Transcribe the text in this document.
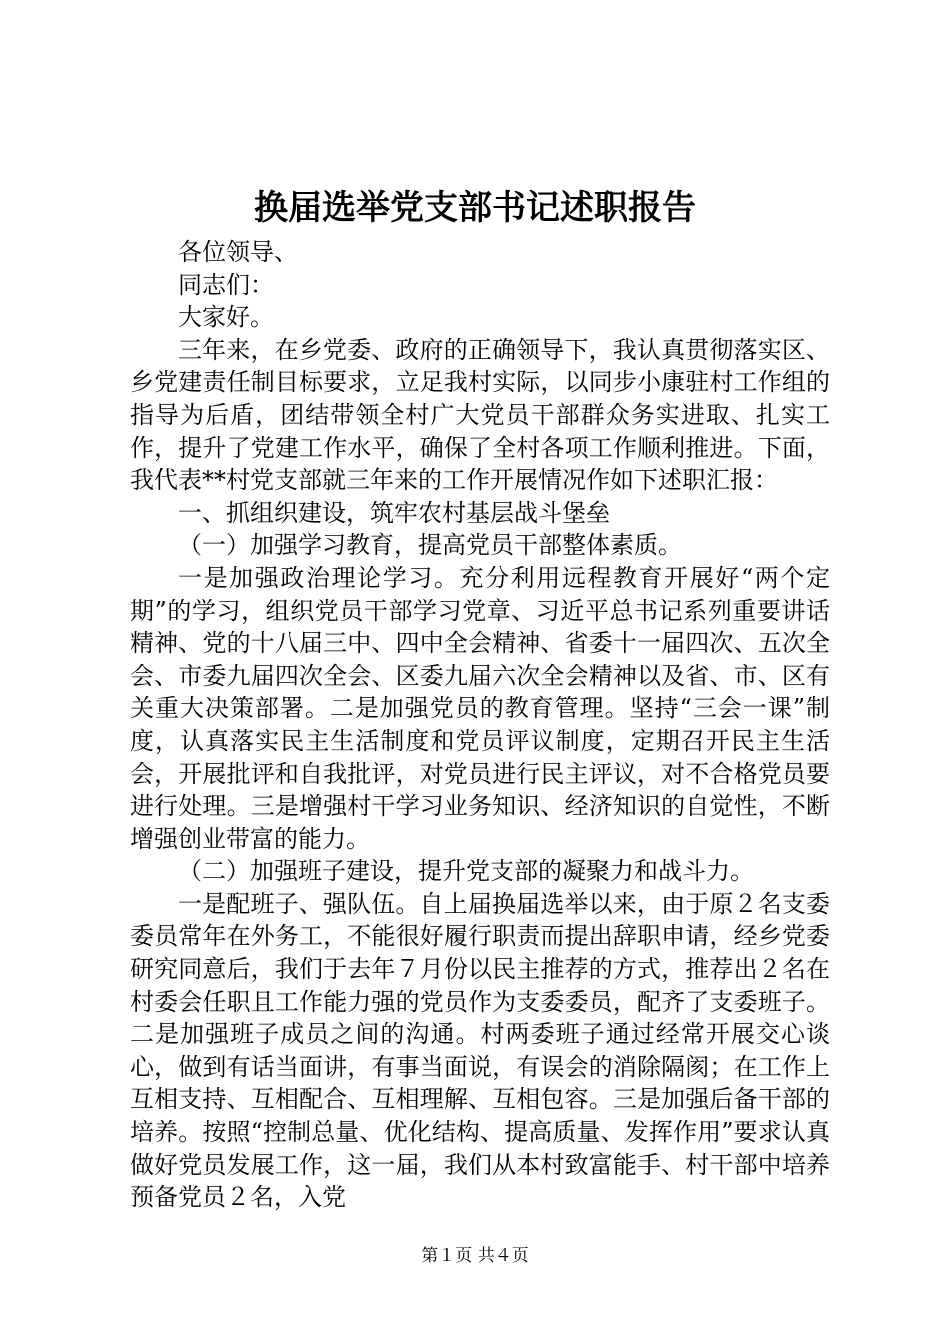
换届选举党支部书记述职报告

各位领导、

同志们：

大家好。

三年来，在乡党委、政府的正确领导下，我认真贯彻落实区、乡党建责任制目标要求，立足我村实际，以同步小康驻村工作组的指导为后盾，团结带领全村广大党员干部群众务实进取、扎实工作，提升了党建工作水平，确保了全村各项工作顺利推进。下面，我代表**村党支部就三年来的工作开展情况作如下述职汇报：

一、抓组织建设，筑牢农村基层战斗堡垒

（一）加强学习教育，提高党员干部整体素质。

一是加强政治理论学习。充分利用远程教育开展好“两个定期”的学习，组织党员干部学习党章、习近平总书记系列重要讲话精神、党的十八届三中、四中全会精神、省委十一届四次、五次全会、市委九届四次全会、区委九届六次全会精神以及省、市、区有关重大决策部署。二是加强党员的教育管理。坚持“三会一课”制度，认真落实民主生活制度和党员评议制度，定期召开民主生活会，开展批评和自我批评，对党员进行民主评议，对不合格党员要进行处理。三是增强村干学习业务知识、经济知识的自觉性，不断增强创业带富的能力。

（二）加强班子建设，提升党支部的凝聚力和战斗力。

一是配班子、强队伍。自上届换届选举以来，由于原２名支委委员常年在外务工，不能很好履行职责而提出辞职申请，经乡党委研究同意后，我们于去年７月份以民主推荐的方式，推荐出２名在村委会任职且工作能力强的党员作为支委委员，配齐了支委班子。二是加强班子成员之间的沟通。村两委班子通过经常开展交心谈心，做到有话当面讲，有事当面说，有误会的消除隔阂；在工作上互相支持、互相配合、互相理解、互相包容。三是加强后备干部的培养。按照“控制总量、优化结构、提高质量、发挥作用”要求认真做好党员发展工作，这一届，我们从本村致富能手、村干部中培养预备党员２名，入党

第１页 共４页
